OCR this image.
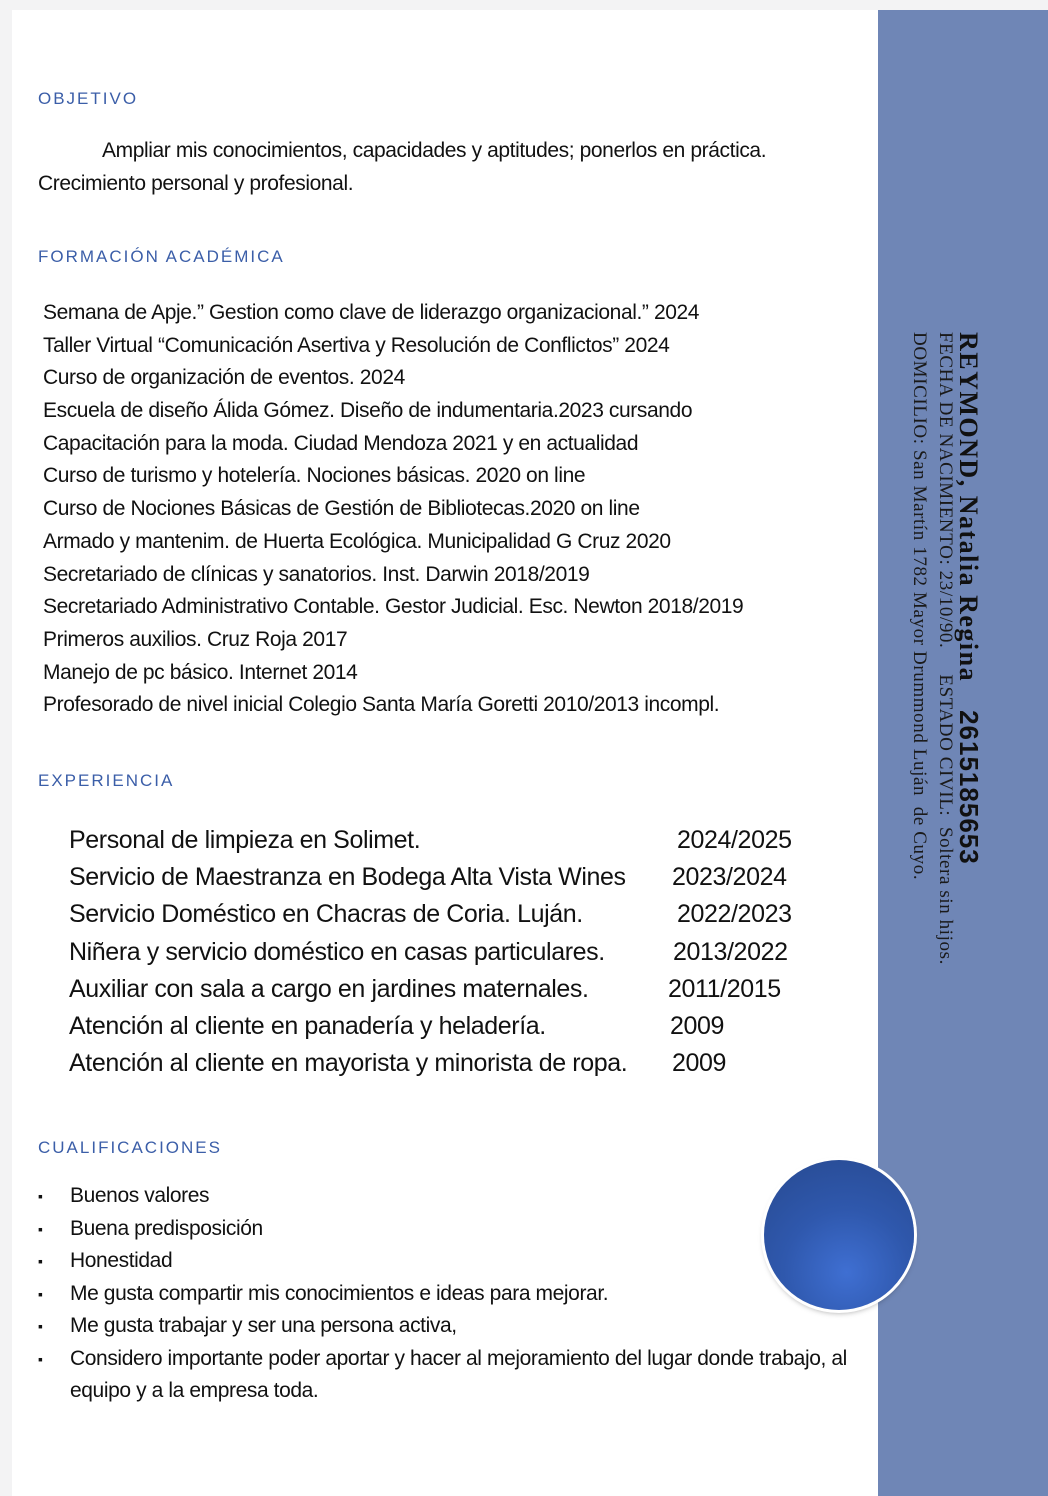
OBJETIVO
Ampliar mis conocimientos, capacidades y aptitudes; ponerlos en práctica. Crecimiento personal y profesional.
FORMACIÓN ACADÉMICA
Semana de Apje.” Gestion como clave de liderazgo organizacional.” 2024
Taller Virtual “Comunicación Asertiva y Resolución de Conflictos” 2024
Curso de organización de eventos. 2024
Escuela de diseño Álida Gómez. Diseño de indumentaria.2023 cursando
Capacitación para la moda. Ciudad Mendoza 2021 y en actualidad
Curso de turismo y hotelería. Nociones básicas. 2020 on line
Curso de Nociones Básicas de Gestión de Bibliotecas.2020 on line
Armado y mantenim. de Huerta Ecológica. Municipalidad G Cruz 2020
Secretariado de clínicas y sanatorios. Inst. Darwin 2018/2019
Secretariado Administrativo Contable. Gestor Judicial. Esc. Newton 2018/2019
Primeros auxilios. Cruz Roja 2017
Manejo de pc básico. Internet 2014
Profesorado de nivel inicial Colegio Santa María Goretti 2010/2013 incompl.
EXPERIENCIA
Personal de limpieza en Solimet.	2024/2025
Servicio de Maestranza en Bodega Alta Vista Wines 2023/2024
Servicio Doméstico en Chacras de Coria. Luján.	2022/2023
Niñera y servicio doméstico en casas particulares.	2013/2022
Auxiliar con sala a cargo en jardines maternales.	2011/2015
Atención al cliente en panadería y heladería.	2009
Atención al cliente en mayorista y minorista de ropa. 2009
CUALIFICACIONES
▪ Buenos valores
▪ Buena predisposición
▪ Honestidad
▪ Me gusta compartir mis conocimientos e ideas para mejorar.
▪ Me gusta trabajar y ser una persona activa,
▪ Considero importante poder aportar y hacer al mejoramiento del lugar donde trabajo, al equipo y a la empresa toda.
REYMOND, Natalia Regina2615185653
FECHA DE NACIMIENTO: 23/10/90.ESTADO CIVIL:  Soltera sin hijos.
DOMICILIO: San Martín 1782 Mayor Drummond Luján  de Cuyo.
